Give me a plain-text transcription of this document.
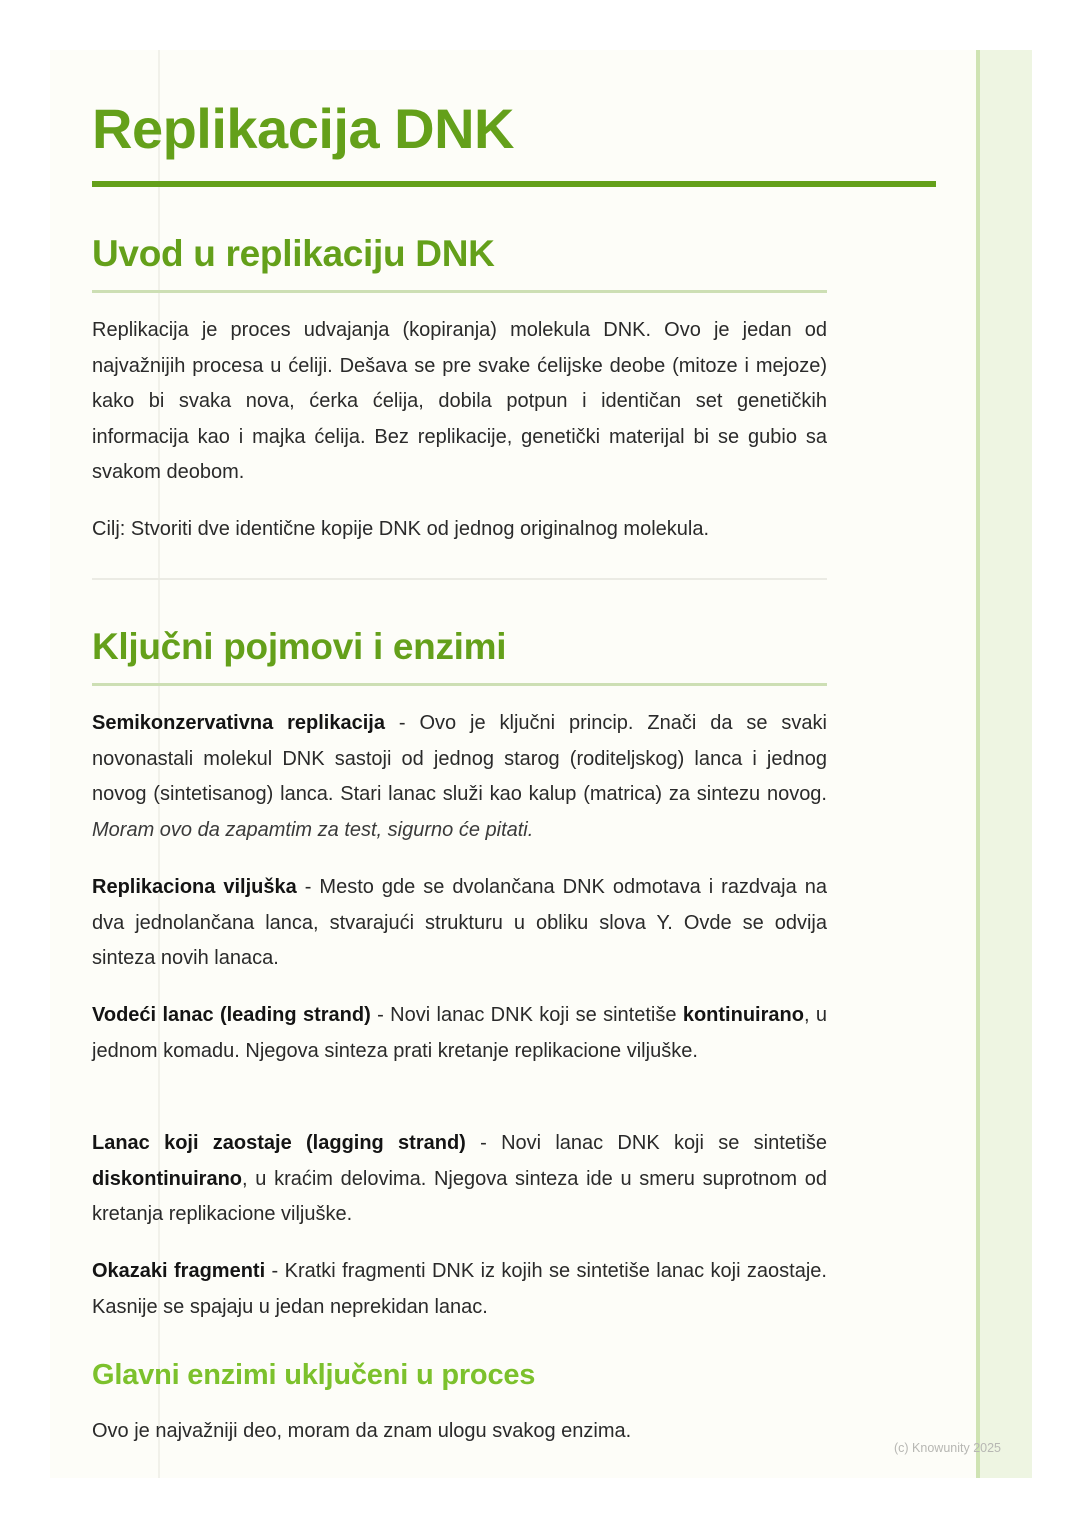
Replikacija DNK
Uvod u replikaciju DNK

Replikacija je proces udvajanja (kopiranja) molekula DNK. Ovo je jedan od najvažnijih procesa u ćeliji. Dešava se pre svake ćelijske deobe (mitoze i mejoze) kako bi svaka nova, ćerka ćelija, dobila potpun i identičan set genetičkih informacija kao i majka ćelija. Bez replikacije, genetički materijal bi se gubio sa svakom deobom.

Cilj: Stvoriti dve identične kopije DNK od jednog originalnog molekula.

Ključni pojmovi i enzimi

Semikonzervativna replikacija - Ovo je ključni princip. Znači da se svaki novonastali molekul DNK sastoji od jednog starog (roditeljskog) lanca i jednog novog (sintetisanog) lanca. Stari lanac služi kao kalup (matrica) za sintezu novog. Moram ovo da zapamtim za test, sigurno će pitati.

Replikaciona viljuška - Mesto gde se dvolančana DNK odmotava i razdvaja na dva jednolančana lanca, stvarajući strukturu u obliku slova Y. Ovde se odvija sinteza novih lanaca.

Vodeći lanac (leading strand) - Novi lanac DNK koji se sintetiše kontinuirano, u jednom komadu. Njegova sinteza prati kretanje replikacione viljuške.

Lanac koji zaostaje (lagging strand) - Novi lanac DNK koji se sintetiše diskontinuirano, u kraćim delovima. Njegova sinteza ide u smeru suprotnom od kretanja replikacione viljuške.

Okazaki fragmenti - Kratki fragmenti DNK iz kojih se sintetiše lanac koji zaostaje. Kasnije se spajaju u jedan neprekidan lanac.

Glavni enzimi uključeni u proces

Ovo je najvažniji deo, moram da znam ulogu svakog enzima.

(c) Knowunity 2025
